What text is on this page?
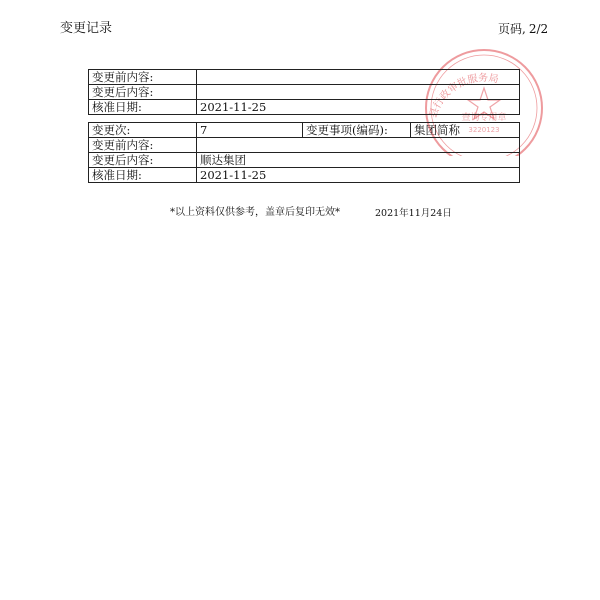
变更记录	页码, 2/2
县行政审批服务局
查询专用章
3220123
变更前内容:	
变更后内容:	
核准日期:	2021-11-25
变更次:	7	变更事项(编码):	集团简称
变更前内容:			
变更后内容:	顺达集团		
核准日期:	2021-11-25		
*以上资料仅供参考，盖章后复印无效*	2021年11月24日
